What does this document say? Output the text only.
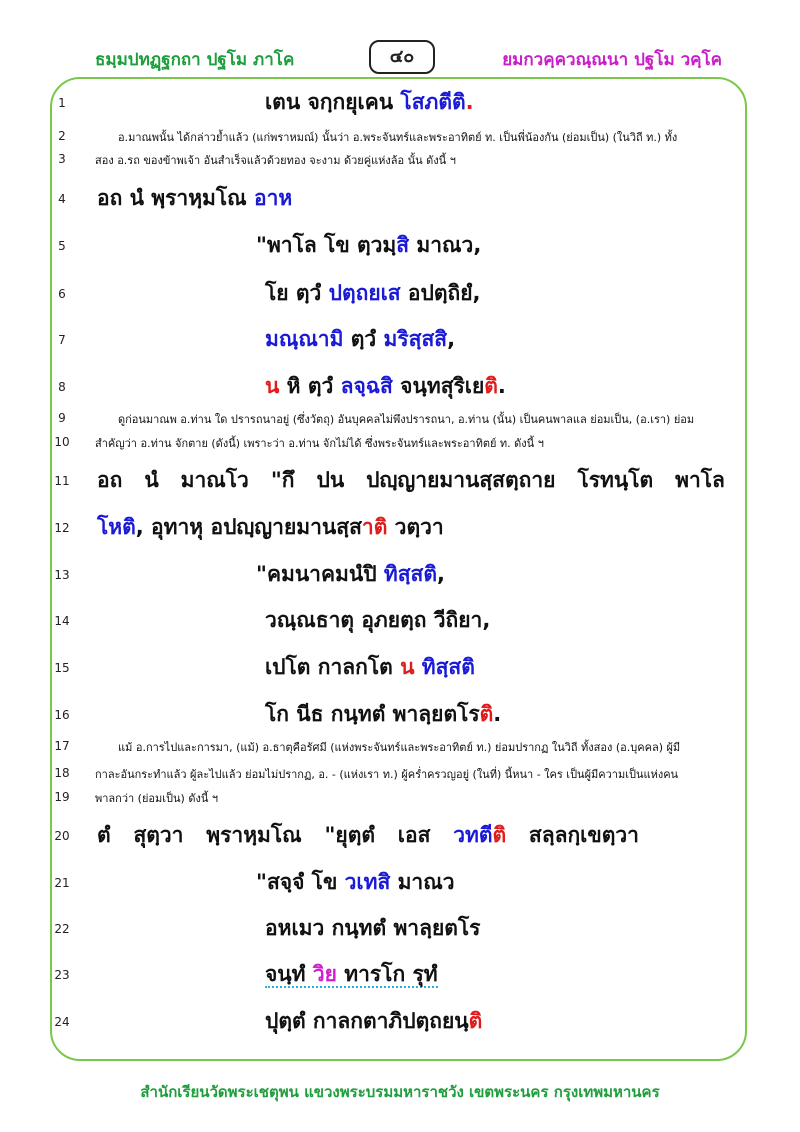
ธมฺมปทฏฺฐกถา ปฐโม ภาโค	๔๐	ยมกวคฺควณฺณนา ปฐโม วคฺโค
1
2
3
4
5
6
7
8
9
10
11
12
13
14
15
16
17
18
19
20
21
22
23
24
เตน จกฺกยุเคน โสภตีติ.
อ.มาณพนั้น ได้กล่าวย้ำแล้ว (แก่พราหมณ์) นั้นว่า อ.พระจันทร์และพระอาทิตย์ ท. เป็นพี่น้องกัน (ย่อมเป็น) (ในวิถี ท.) ทั้ง
สอง อ.รถ ของข้าพเจ้า อันสำเร็จแล้วด้วยทอง จะงาม ด้วยคู่แห่งล้อ นั้น ดังนี้ ฯ
อถ นํ พฺราหฺมโณ อาห
"พาโล โข ตฺวมฺสิ มาณว,
โย ตฺวํ ปตฺถยเส อปตฺถิยํ,
มณฺณามิ ตฺวํ มริสฺสสิ,
น หิ ตฺวํ ลจฺฉสิ จนฺทสุริเยติ.
ดูก่อนมาณพ อ.ท่าน ใด ปรารถนาอยู่ (ซึ่งวัตถุ) อันบุคคลไม่พึงปรารถนา, อ.ท่าน (นั้น) เป็นคนพาลแล ย่อมเป็น, (อ.เรา) ย่อม
สำคัญว่า อ.ท่าน จักตาย (ดังนี้) เพราะว่า อ.ท่าน จักไม่ได้ ซึ่งพระจันทร์และพระอาทิตย์ ท. ดังนี้ ฯ
อถ นํ มาณโว "กึ ปน ปญฺญายมานสฺสตฺถาย โรทนฺโต พาโล
โหติ, อุทาหุ อปญฺญายมานสฺสาติ วตฺวา
"คมนาคมนํปิ ทิสฺสติ,
วณฺณธาตุ อุภยตฺถ วีถิยา,
เปโต กาลกโต น ทิสฺสติ
โก นีธ กนฺทตํ พาลฺยตโรติ.
แม้ อ.การไปและการมา, (แม้) อ.ธาตุคือรัศมี (แห่งพระจันทร์และพระอาทิตย์ ท.) ย่อมปรากฏ ในวิถี ทั้งสอง (อ.บุคคล) ผู้มี
กาละอันกระทำแล้ว ผู้ละไปแล้ว ย่อมไม่ปรากฏ, อ. - (แห่งเรา ท.) ผู้คร่ำครวญอยู่ (ในที่) นี้หนา - ใคร เป็นผู้มีความเป็นแห่งคน
พาลกว่า (ย่อมเป็น) ดังนี้ ฯ
ตํ สุตฺวา พฺราหฺมโณ "ยุตฺตํ เอส วทตีติ สลฺลกฺเขตฺวา
"สจฺจํ โข วเทสิ มาณว
อหเมว กนฺทตํ พาลฺยตโร
จนฺทํ วิย ทารโก รุทํ
ปุตฺตํ กาลกตาภิปตฺถยนฺติ
สำนักเรียนวัดพระเชตุพน แขวงพระบรมมหาราชวัง เขตพระนคร กรุงเทพมหานคร
